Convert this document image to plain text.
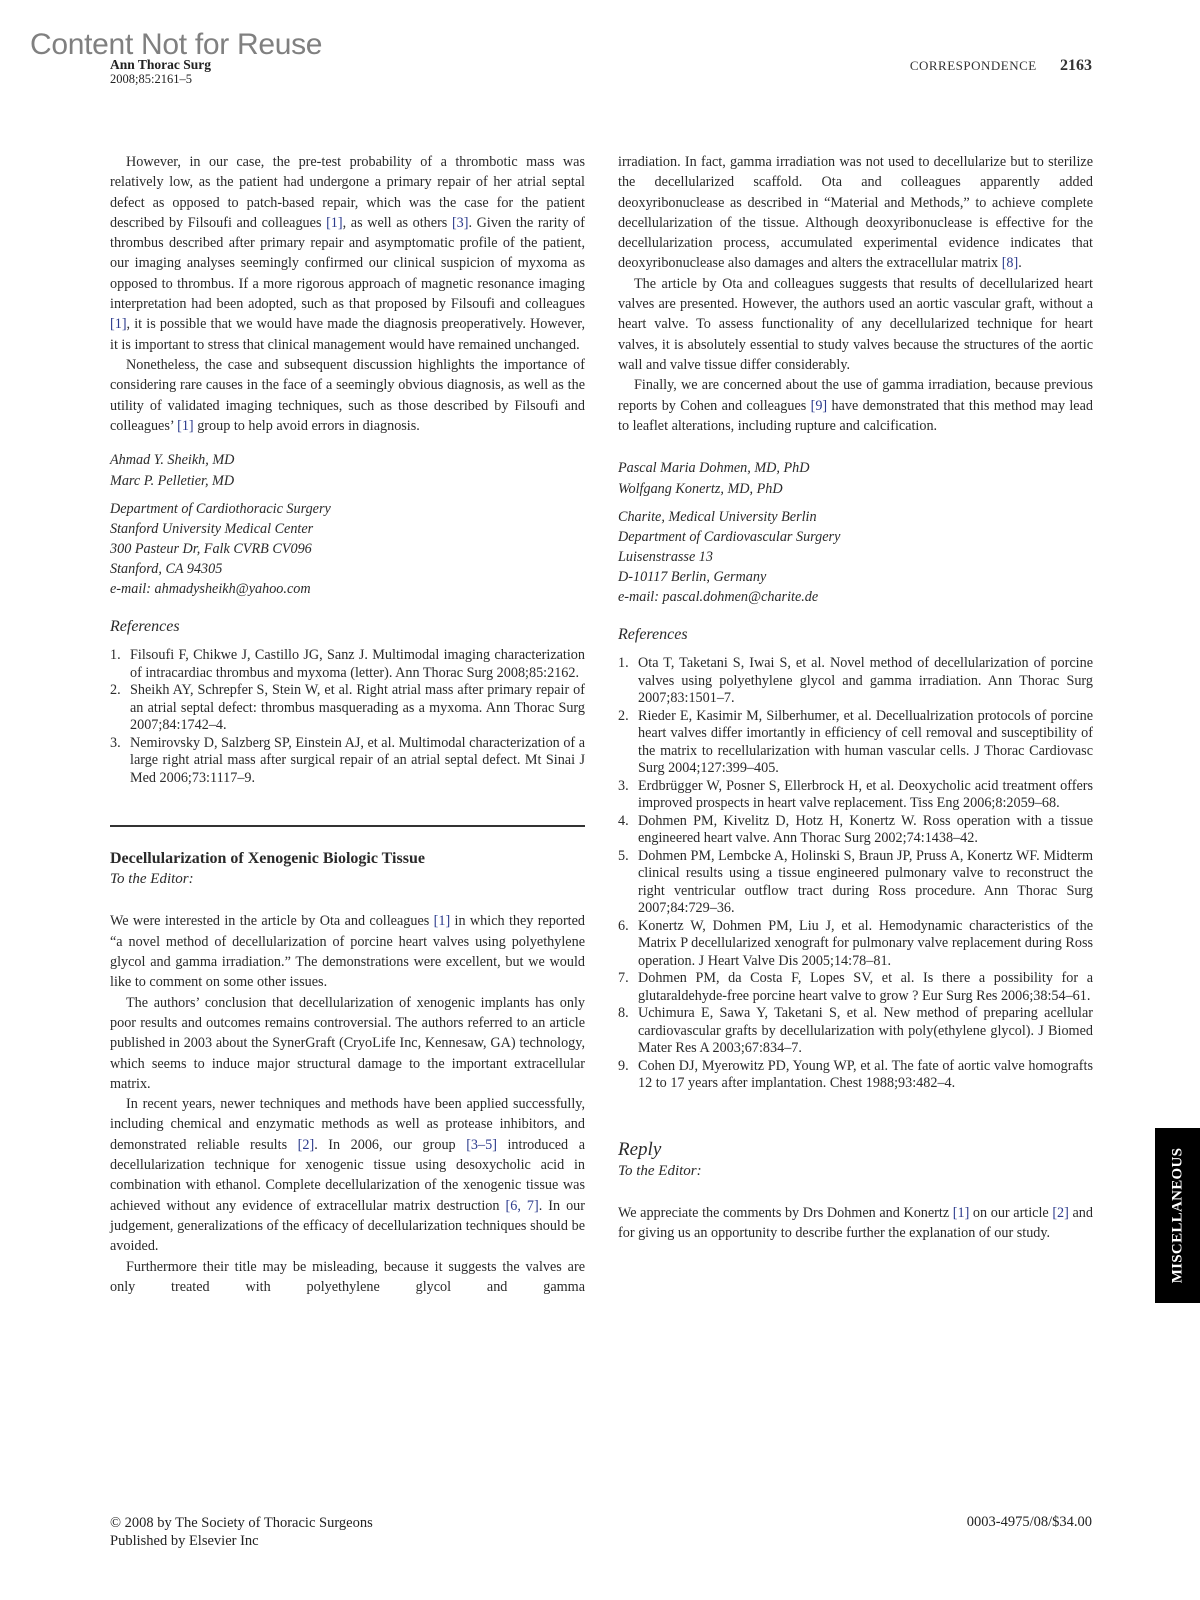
Content Not for Reuse
Ann Thorac Surg
2008;85:2161–5
CORRESPONDENCE 2163

However, in our case, the pre-test probability of a thrombotic mass was relatively low, as the patient had undergone a primary repair of her atrial septal defect as opposed to patch-based repair, which was the case for the patient described by Filsoufi and colleagues [1], as well as others [3]. Given the rarity of thrombus described after primary repair and asymptomatic profile of the patient, our imaging analyses seemingly confirmed our clinical suspicion of myxoma as opposed to thrombus. If a more rigorous approach of magnetic resonance imaging interpretation had been adopted, such as that proposed by Filsoufi and colleagues [1], it is possible that we would have made the diagnosis preoperatively. However, it is important to stress that clinical management would have remained unchanged.

Nonetheless, the case and subsequent discussion highlights the importance of considering rare causes in the face of a seemingly obvious diagnosis, as well as the utility of validated imaging techniques, such as those described by Filsoufi and colleagues’ [1] group to help avoid errors in diagnosis.

Ahmad Y. Sheikh, MD
Marc P. Pelletier, MD
Department of Cardiothoracic Surgery
Stanford University Medical Center
300 Pasteur Dr, Falk CVRB CV096
Stanford, CA 94305
e-mail: ahmadysheikh@yahoo.com
References
1. Filsoufi F, Chikwe J, Castillo JG, Sanz J. Multimodal imaging characterization of intracardiac thrombus and myxoma (letter). Ann Thorac Surg 2008;85:2162.
2. Sheikh AY, Schrepfer S, Stein W, et al. Right atrial mass after primary repair of an atrial septal defect: thrombus masquerading as a myxoma. Ann Thorac Surg 2007;84:1742–4.
3. Nemirovsky D, Salzberg SP, Einstein AJ, et al. Multimodal characterization of a large right atrial mass after surgical repair of an atrial septal defect. Mt Sinai J Med 2006;73:1117–9.
Decellularization of Xenogenic Biologic Tissue
To the Editor:

We were interested in the article by Ota and colleagues [1] in which they reported “a novel method of decellularization of porcine heart valves using polyethylene glycol and gamma irradiation.” The demonstrations were excellent, but we would like to comment on some other issues.

The authors’ conclusion that decellularization of xenogenic implants has only poor results and outcomes remains controversial. The authors referred to an article published in 2003 about the SynerGraft (CryoLife Inc, Kennesaw, GA) technology, which seems to induce major structural damage to the important extracellular matrix.

In recent years, newer techniques and methods have been applied successfully, including chemical and enzymatic methods as well as protease inhibitors, and demonstrated reliable results [2]. In 2006, our group [3–5] introduced a decellularization technique for xenogenic tissue using desoxycholic acid in combination with ethanol. Complete decellularization of the xenogenic tissue was achieved without any evidence of extracellular matrix destruction [6, 7]. In our judgement, generalizations of the efficacy of decellularization techniques should be avoided.

Furthermore their title may be misleading, because it suggests the valves are only treated with polyethylene glycol and gamma

irradiation. In fact, gamma irradiation was not used to decellularize but to sterilize the decellularized scaffold. Ota and colleagues apparently added deoxyribonuclease as described in “Material and Methods,” to achieve complete decellularization of the tissue. Although deoxyribonuclease is effective for the decellularization process, accumulated experimental evidence indicates that deoxyribonuclease also damages and alters the extracellular matrix [8].

The article by Ota and colleagues suggests that results of decellularized heart valves are presented. However, the authors used an aortic vascular graft, without a heart valve. To assess functionality of any decellularized technique for heart valves, it is absolutely essential to study valves because the structures of the aortic wall and valve tissue differ considerably.

Finally, we are concerned about the use of gamma irradiation, because previous reports by Cohen and colleagues [9] have demonstrated that this method may lead to leaflet alterations, including rupture and calcification.

Pascal Maria Dohmen, MD, PhD
Wolfgang Konertz, MD, PhD
Charite, Medical University Berlin
Department of Cardiovascular Surgery
Luisenstrasse 13
D-10117 Berlin, Germany
e-mail: pascal.dohmen@charite.de
References
1. Ota T, Taketani S, Iwai S, et al. Novel method of decellularization of porcine valves using polyethylene glycol and gamma irradiation. Ann Thorac Surg 2007;83:1501–7.
2. Rieder E, Kasimir M, Silberhumer, et al. Decellualrization protocols of porcine heart valves differ imortantly in efficiency of cell removal and susceptibility of the matrix to recellularization with human vascular cells. J Thorac Cardiovasc Surg 2004;127:399–405.
3. Erdbrügger W, Posner S, Ellerbrock H, et al. Deoxycholic acid treatment offers improved prospects in heart valve replacement. Tiss Eng 2006;8:2059–68.
4. Dohmen PM, Kivelitz D, Hotz H, Konertz W. Ross operation with a tissue engineered heart valve. Ann Thorac Surg 2002;74:1438–42.
5. Dohmen PM, Lembcke A, Holinski S, Braun JP, Pruss A, Konertz WF. Midterm clinical results using a tissue engineered pulmonary valve to reconstruct the right ventricular outflow tract during Ross procedure. Ann Thorac Surg 2007;84:729–36.
6. Konertz W, Dohmen PM, Liu J, et al. Hemodynamic characteristics of the Matrix P decellularized xenograft for pulmonary valve replacement during Ross operation. J Heart Valve Dis 2005;14:78–81.
7. Dohmen PM, da Costa F, Lopes SV, et al. Is there a possibility for a glutaraldehyde-free porcine heart valve to grow ? Eur Surg Res 2006;38:54–61.
8. Uchimura E, Sawa Y, Taketani S, et al. New method of preparing acellular cardiovascular grafts by decellularization with poly(ethylene glycol). J Biomed Mater Res A 2003;67:834–7.
9. Cohen DJ, Myerowitz PD, Young WP, et al. The fate of aortic valve homografts 12 to 17 years after implantation. Chest 1988;93:482–4.
Reply
To the Editor:

We appreciate the comments by Drs Dohmen and Konertz [1] on our article [2] and for giving us an opportunity to describe further the explanation of our study.	MISCELLANEOUS
© 2008 by The Society of Thoracic Surgeons
Published by Elsevier Inc
0003-4975/08/$34.00
